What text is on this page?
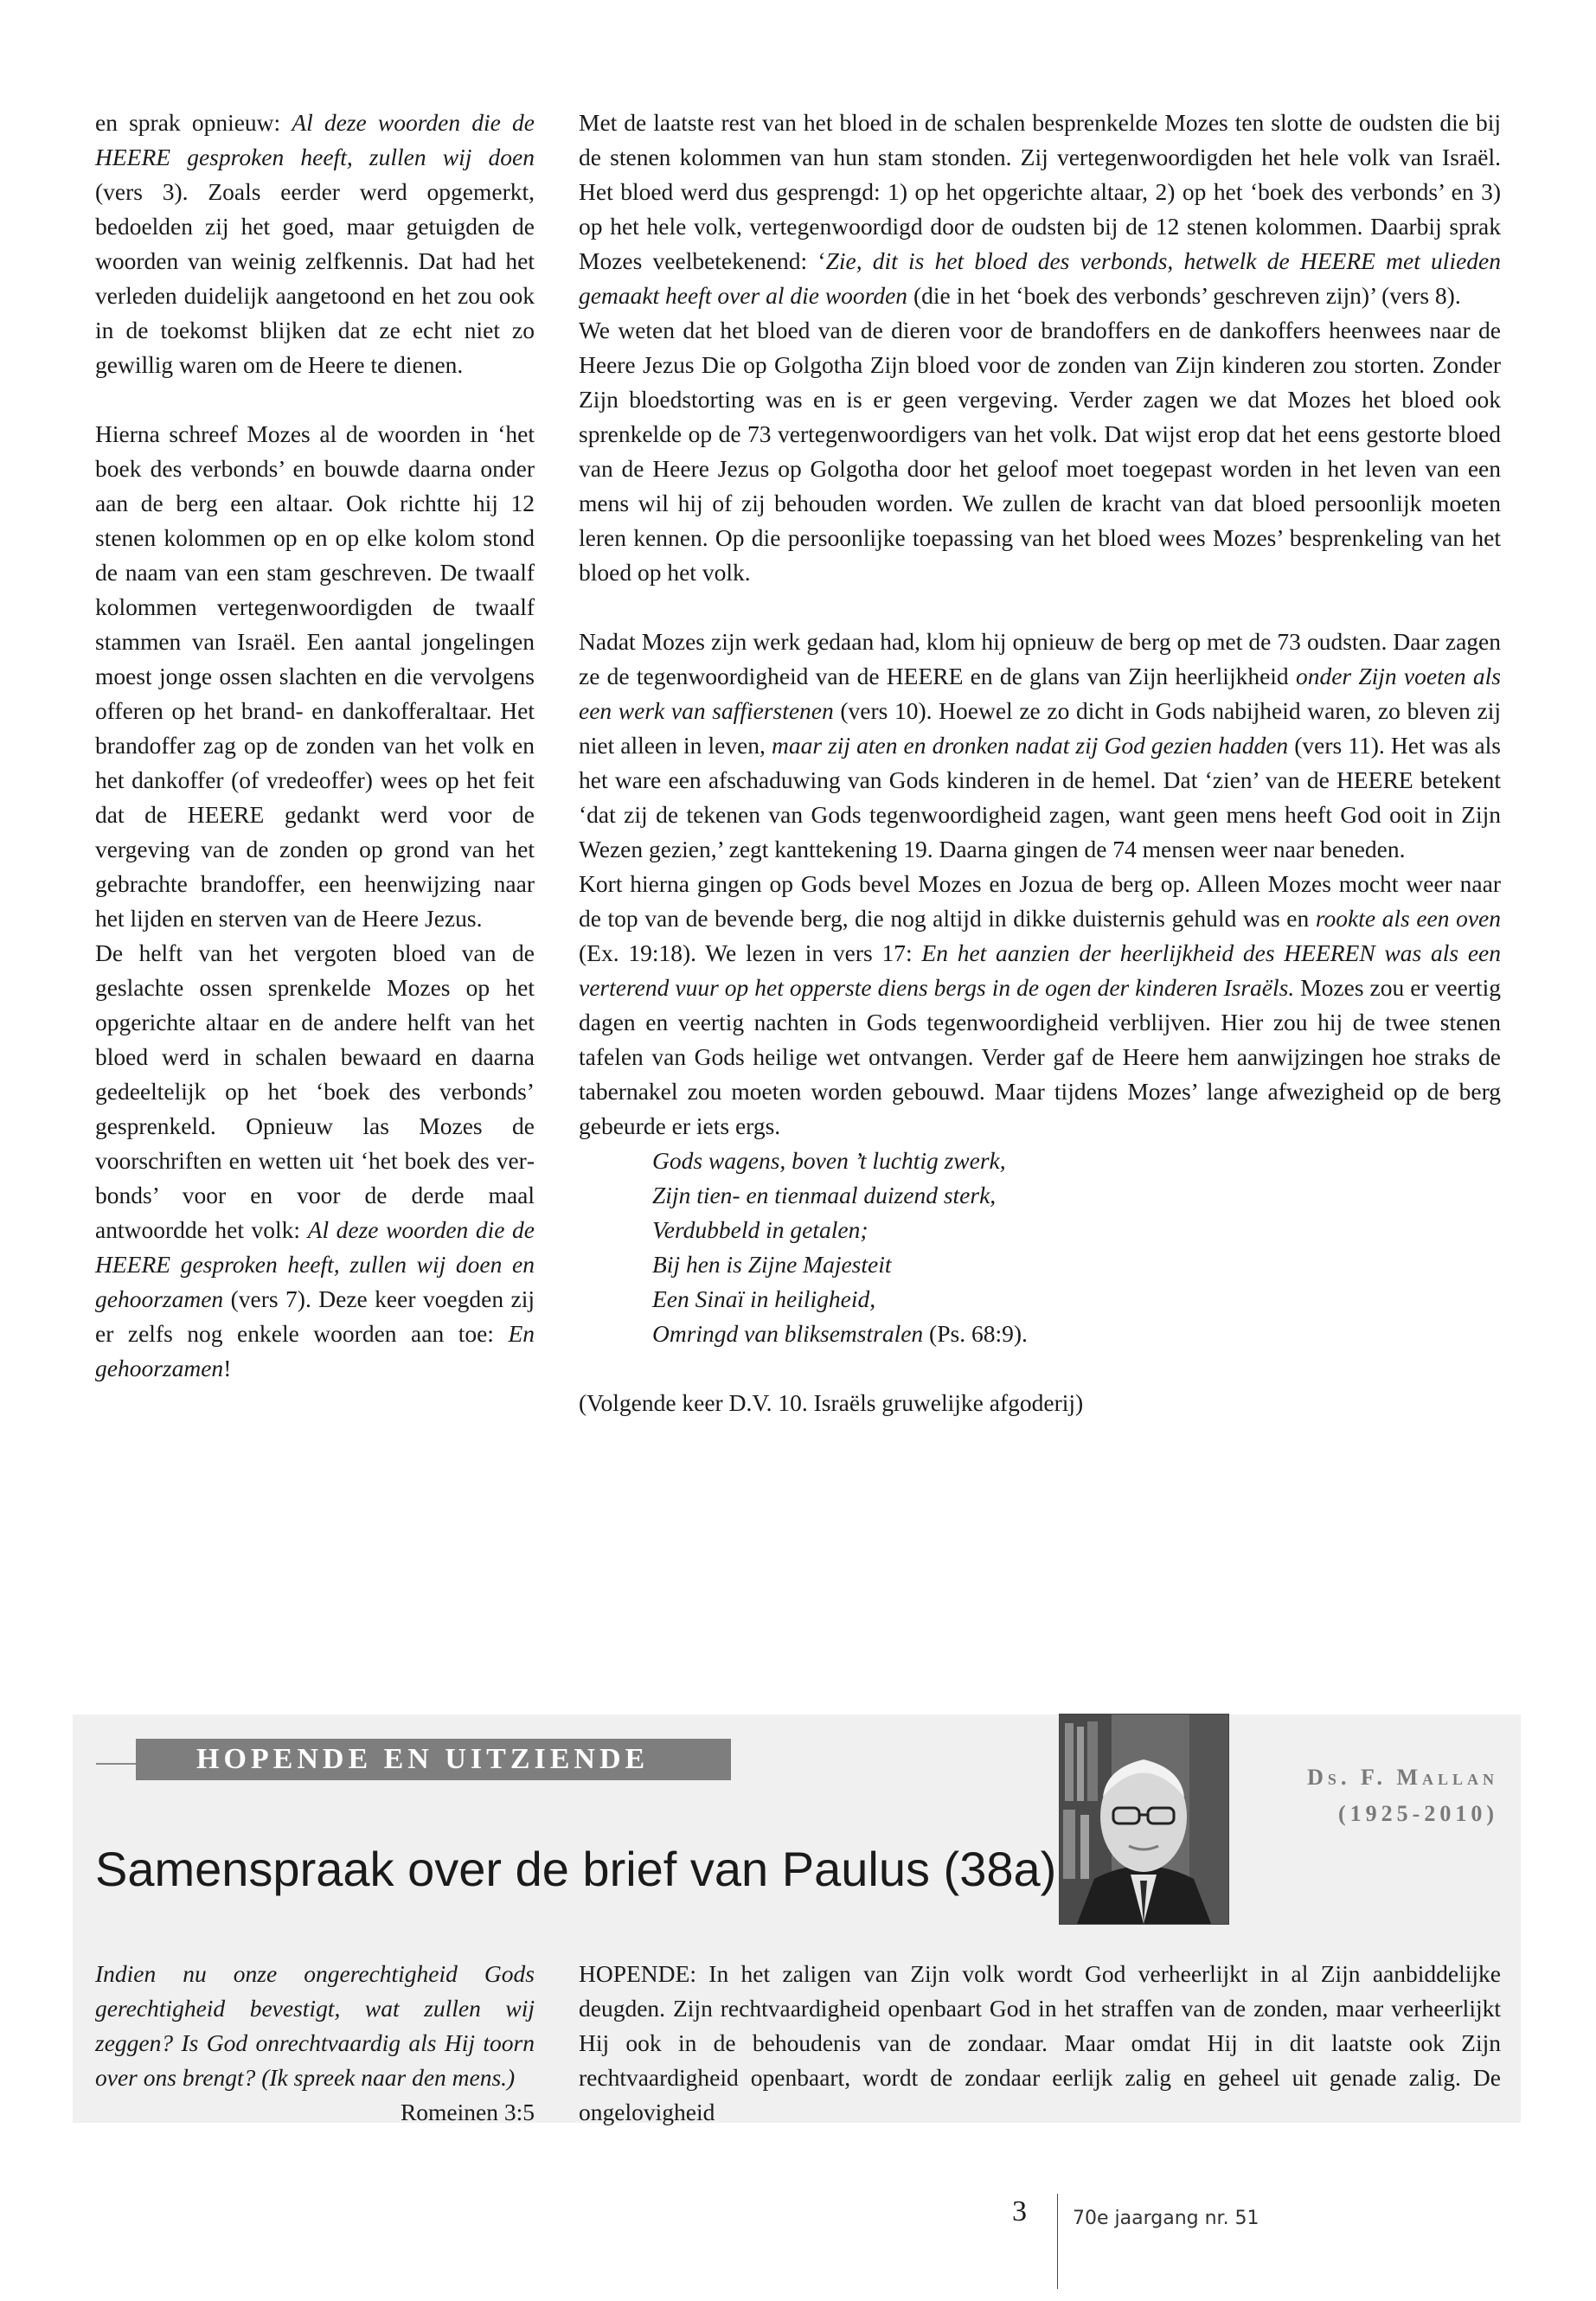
en sprak opnieuw: Al deze woorden die de HEERE gesproken heeft, zullen wij doen (vers 3). Zoals eerder werd opgemerkt, bedoelden zij het goed, maar getuigden de woorden van weinig zelfkennis. Dat had het verleden duidelijk aangetoond en het zou ook in de toekomst blijken dat ze echt niet zo gewillig waren om de Heere te dienen.

Hierna schreef Mozes al de woorden in ‘het boek des verbonds’ en bouwde daarna onder aan de berg een altaar. Ook richtte hij 12 stenen kolommen op en op elke kolom stond de naam van een stam geschreven. De twaalf kolommen vertegenwoordigden de twaalf stammen van Israël. Een aantal jongelingen moest jonge ossen slachten en die vervolgens offeren op het brand- en dankofferaltaar. Het brandoffer zag op de zonden van het volk en het dankoffer (of vredeoffer) wees op het feit dat de HEERE gedankt werd voor de vergeving van de zonden op grond van het gebrachte brandoffer, een heenwijzing naar het lijden en sterven van de Heere Jezus.

De helft van het vergoten bloed van de geslachte ossen sprenkelde Mozes op het opgerichte altaar en de andere helft van het bloed werd in schalen bewaard en daarna gedeeltelijk op het ‘boek des verbonds’ gesprenkeld. Opnieuw las Mozes de voorschriften en wetten uit ‘het boek des verbonds’ voor en voor de derde maal antwoordde het volk: Al deze woorden die de HEERE gesproken heeft, zullen wij doen en gehoorzamen (vers 7). Deze keer voegden zij er zelfs nog enkele woorden aan toe: En gehoorzamen!

Met de laatste rest van het bloed in de schalen besprenkelde Mozes ten slotte de oudsten die bij de stenen kolommen van hun stam stonden. Zij vertegenwoordigden het hele volk van Israël. Het bloed werd dus gesprengd: 1) op het opgerichte altaar, 2) op het ‘boek des verbonds’ en 3) op het hele volk, vertegenwoordigd door de oudsten bij de 12 stenen kolommen. Daarbij sprak Mozes veelbetekenend: ‘Zie, dit is het bloed des verbonds, hetwelk de HEERE met ulieden gemaakt heeft over al die woorden (die in het ‘boek des verbonds’ geschreven zijn)’ (vers 8).

We weten dat het bloed van de dieren voor de brandoffers en de dankoffers heenwees naar de Heere Jezus Die op Golgotha Zijn bloed voor de zonden van Zijn kinderen zou storten. Zonder Zijn bloedstorting was en is er geen vergeving. Verder zagen we dat Mozes het bloed ook sprenkelde op de 73 vertegenwoordigers van het volk. Dat wijst erop dat het eens gestorte bloed van de Heere Jezus op Golgotha door het geloof moet toegepast worden in het leven van een mens wil hij of zij behouden worden. We zullen de kracht van dat bloed persoonlijk moeten leren kennen. Op die persoonlijke toepassing van het bloed wees Mozes’ besprenkeling van het bloed op het volk.

Nadat Mozes zijn werk gedaan had, klom hij opnieuw de berg op met de 73 oudsten. Daar zagen ze de tegenwoordigheid van de HEERE en de glans van Zijn heerlijkheid onder Zijn voeten als een werk van saffierstenen (vers 10). Hoewel ze zo dicht in Gods nabijheid waren, zo bleven zij niet alleen in leven, maar zij aten en dronken nadat zij God gezien hadden (vers 11). Het was als het ware een afschaduwing van Gods kinderen in de hemel. Dat ‘zien’ van de HEERE betekent ‘dat zij de tekenen van Gods tegenwoordigheid zagen, want geen mens heeft God ooit in Zijn Wezen gezien,’ zegt kanttekening 19. Daarna gingen de 74 mensen weer naar beneden.

Kort hierna gingen op Gods bevel Mozes en Jozua de berg op. Alleen Mozes mocht weer naar de top van de bevende berg, die nog altijd in dikke duisternis gehuld was en rookte als een oven (Ex. 19:18). We lezen in vers 17: En het aanzien der heerlijkheid des HEEREN was als een verterend vuur op het opperste diens bergs in de ogen der kinderen Israëls. Mozes zou er veertig dagen en veertig nachten in Gods tegenwoordigheid verblijven. Hier zou hij de twee stenen tafelen van Gods heilige wet ontvangen. Verder gaf de Heere hem aanwijzingen hoe straks de tabernakel zou moeten worden gebouwd. Maar tijdens Mozes’ lange afwezigheid op de berg gebeurde er iets ergs.

Gods wagens, boven ’t luchtig zwerk,
Zijn tien- en tienmaal duizend sterk,
Verdubbeld in getalen;
Bij hen is Zijne Majesteit
Een Sinaï in heiligheid,
Omringd van bliksemstralen (Ps. 68:9).

(Volgende keer D.V. 10. Israëls gruwelijke afgoderij)

HOPENDE EN UITZIENDE
Ds. F. Mallan
(1925-2010)
Samenspraak over de brief van Paulus (38a)
Indien nu onze ongerechtigheid Gods gerechtigheid bevestigt, wat zullen wij zeggen? Is God onrechtvaardig als Hij toorn over ons brengt? (Ik spreek naar den mens.)
Romeinen 3:5
HOPENDE: In het zaligen van Zijn volk wordt God verheerlijkt in al Zijn aanbiddelijke deugden. Zijn rechtvaardigheid openbaart God in het straffen van de zonden, maar verheerlijkt Hij ook in de behoudenis van de zondaar. Maar omdat Hij in dit laatste ook Zijn rechtvaardigheid openbaart, wordt de zondaar eerlijk zalig en geheel uit genade zalig. De ongelovigheid
3 70e jaargang nr. 51
